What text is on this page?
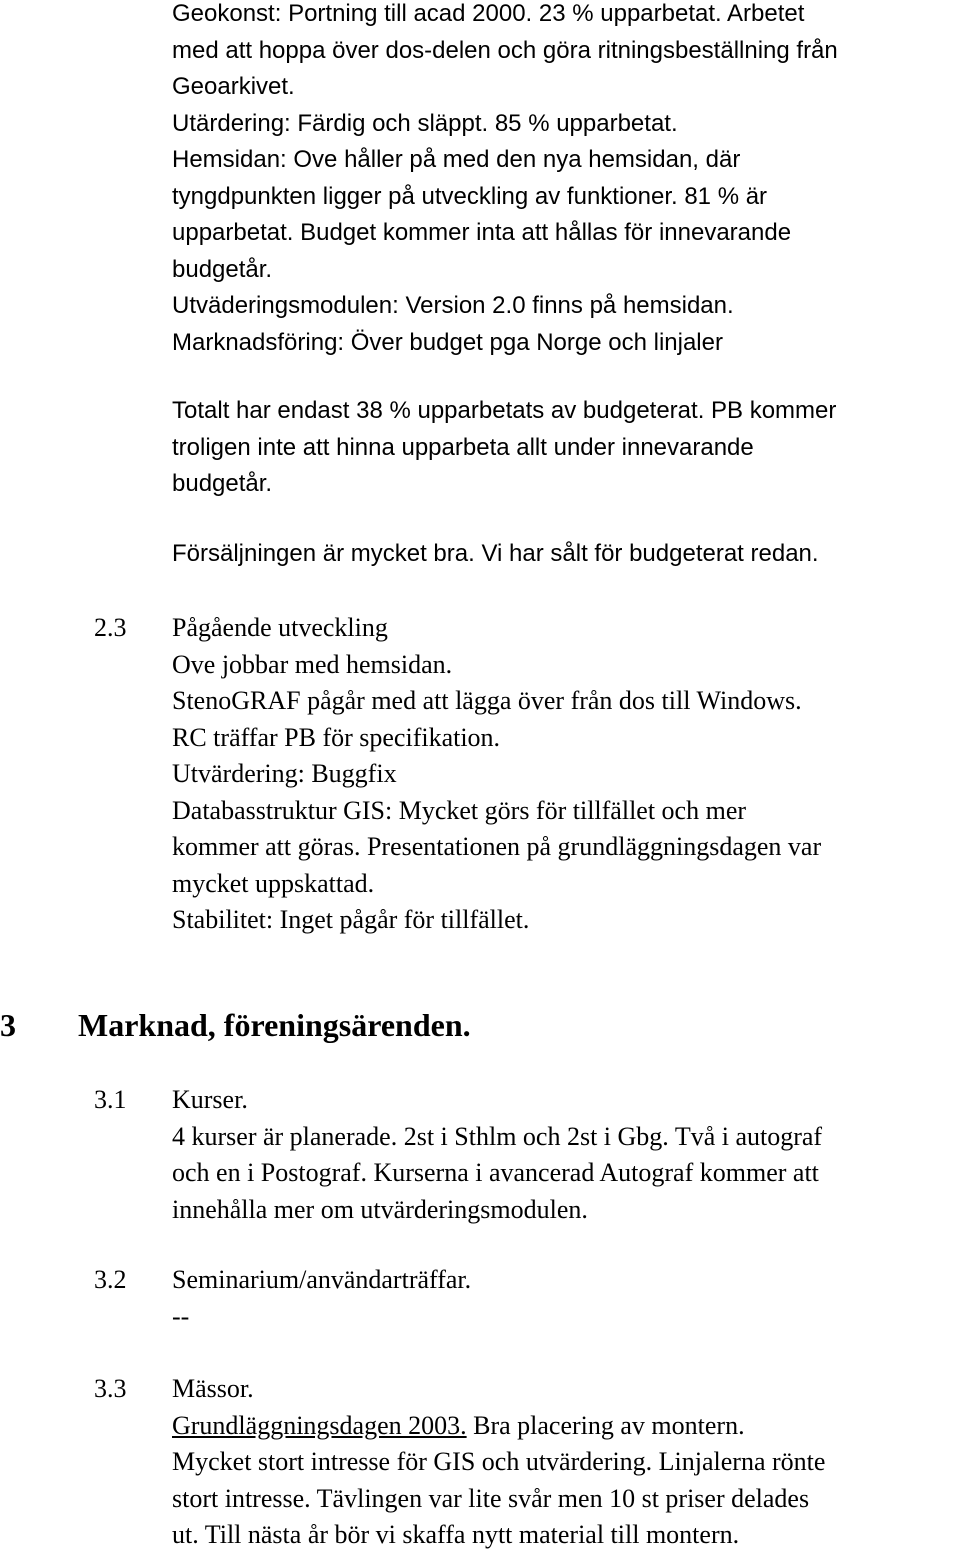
Geokonst: Portning till acad 2000. 23 % upparbetat. Arbetet
med att hoppa över dos-delen och göra ritningsbeställning från
Geoarkivet.
Utärdering: Färdig och släppt. 85 % upparbetat.
Hemsidan: Ove håller på med den nya hemsidan, där
tyngdpunkten ligger på utveckling av funktioner. 81 % är
upparbetat. Budget kommer inta att hållas för innevarande
budgetår.
Utväderingsmodulen: Version 2.0 finns på hemsidan.
Marknadsföring: Över budget pga Norge och linjaler
Totalt har endast 38 % upparbetats av budgeterat. PB kommer
troligen inte att hinna upparbeta allt under innevarande
budgetår.
Försäljningen är mycket bra. Vi har sålt för budgeterat redan.
2.3 Pågående utveckling
Ove jobbar med hemsidan.
StenoGRAF pågår med att lägga över från dos till Windows.
RC träffar PB för specifikation.
Utvärdering: Buggfix
Databasstruktur GIS: Mycket görs för tillfället och mer
kommer att göras. Presentationen på grundläggningsdagen var
mycket uppskattad.
Stabilitet: Inget pågår för tillfället.
3 Marknad, föreningsärenden.
3.1 Kurser.
4 kurser är planerade. 2st i Sthlm och 2st i Gbg. Två i autograf
och en i Postograf. Kurserna i avancerad Autograf kommer att
innehålla mer om utvärderingsmodulen.
3.2 Seminarium/användarträffar.
--
3.3 Mässor.
Grundläggningsdagen 2003. Bra placering av montern.
Mycket stort intresse för GIS och utvärdering. Linjalerna rönte
stort intresse. Tävlingen var lite svår men 10 st priser delades
ut. Till nästa år bör vi skaffa nytt material till montern.
